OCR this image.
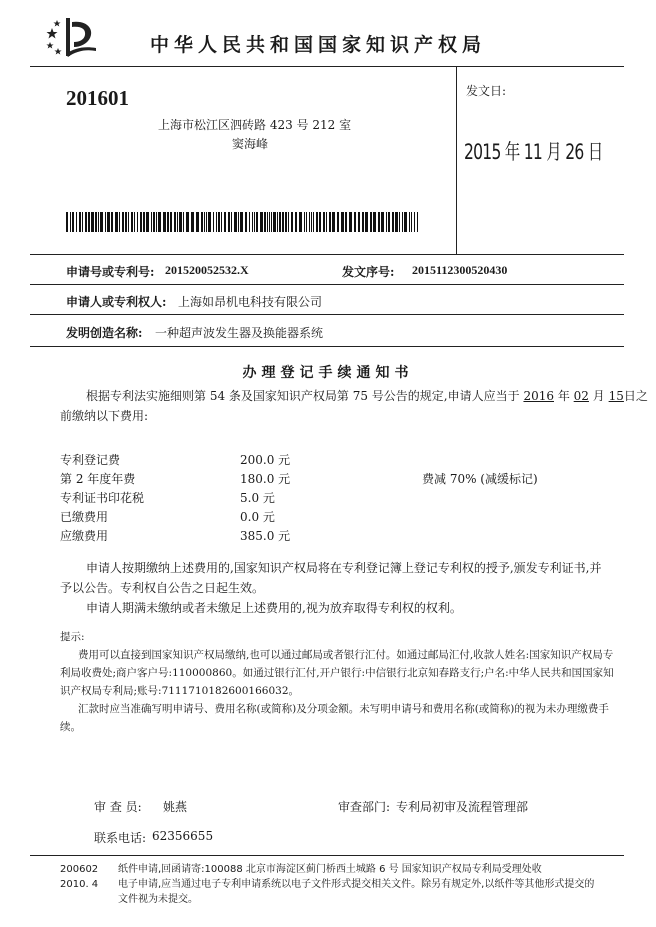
中华人民共和国国家知识产权局
201601
上海市松江区泗砖路 423 号 212 室
窦海峰
发文日:
2015 年 11 月 26 日
申请号或专利号: 201520052532.X	发文序号: 2015112300520430
申请人或专利权人: 上海如昂机电科技有限公司
发明创造名称: 一种超声波发生器及换能器系统
办理登记手续通知书
根据专利法实施细则第 54 条及国家知识产权局第 75 号公告的规定,申请人应当于 2016 年 02 月 15日之
前缴纳以下费用:
专利登记费	200.0 元
第 2 年度年费	180.0 元	费减 70% (减缓标记)
专利证书印花税	5.0 元
已缴费用	0.0 元
应缴费用	385.0 元
申请人按期缴纳上述费用的,国家知识产权局将在专利登记簿上登记专利权的授予,颁发专利证书,并
予以公告。专利权自公告之日起生效。
申请人期满未缴纳或者未缴足上述费用的,视为放弃取得专利权的权利。
提示:
费用可以直接到国家知识产权局缴纳,也可以通过邮局或者银行汇付。如通过邮局汇付,收款人姓名:国家知识产权局专
利局收费处;商户客户号:110000860。如通过银行汇付,开户银行:中信银行北京知春路支行;户名:中华人民共和国国家知
识产权局专利局;账号:7111710182600166032。
汇款时应当准确写明申请号、费用名称(或简称)及分项金额。未写明申请号和费用名称(或简称)的视为未办理缴费手
续。
审 查 员: 姚燕	审查部门: 专利局初审及流程管理部
联系电话: 62356655
200602
2010. 4
纸件申请,回函请寄:100088 北京市海淀区蓟门桥西土城路 6 号 国家知识产权局专利局受理处收
电子申请,应当通过电子专利申请系统以电子文件形式提交相关文件。除另有规定外,以纸件等其他形式提交的
文件视为未提交。
